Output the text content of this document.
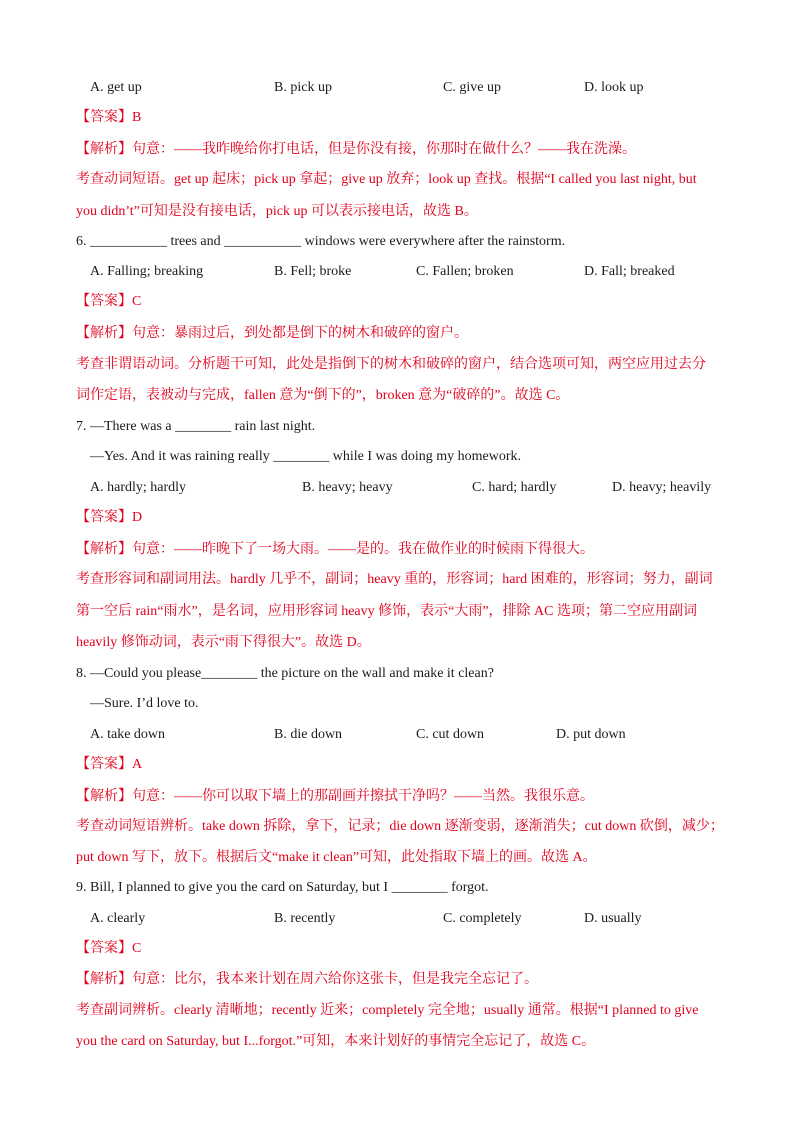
A. get up	B. pick up	C. give up	D. look up
【答案】B
【解析】句意：——我昨晚给你打电话，但是你没有接，你那时在做什么？——我在洗澡。
考查动词短语。get up 起床；pick up 拿起；give up 放弃；look up 查找。根据“I called you last night, but
you didn’t”可知是没有接电话，pick up 可以表示接电话，故选 B。
6. ___________ trees and ___________ windows were everywhere after the rainstorm.
A. Falling; breaking	B. Fell; broke	C. Fallen; broken	D. Fall; breaked
【答案】C
【解析】句意：暴雨过后，到处都是倒下的树木和破碎的窗户。
考查非谓语动词。分析题干可知，此处是指倒下的树木和破碎的窗户，结合选项可知，两空应用过去分
词作定语，表被动与完成，fallen 意为“倒下的”，broken 意为“破碎的”。故选 C。
7. —There was a ________ rain last night.
—Yes. And it was raining really ________ while I was doing my homework.
A. hardly; hardly	B. heavy; heavy	C. hard; hardly	D. heavy; heavily
【答案】D
【解析】句意：——昨晚下了一场大雨。——是的。我在做作业的时候雨下得很大。
考查形容词和副词用法。hardly 几乎不，副词；heavy 重的，形容词；hard 困难的，形容词；努力，副词
第一空后 rain“雨水”，是名词，应用形容词 heavy 修饰，表示“大雨”，排除 AC 选项；第二空应用副词
heavily 修饰动词，表示“雨下得很大”。故选 D。
8. —Could you please________ the picture on the wall and make it clean?
—Sure. I’d love to.
A. take down	B. die down	C. cut down	D. put down
【答案】A
【解析】句意：——你可以取下墙上的那副画并擦拭干净吗？——当然。我很乐意。
考查动词短语辨析。take down 拆除，拿下，记录；die down 逐渐变弱，逐渐消失；cut down 砍倒，减少；
put down 写下，放下。根据后文“make it clean”可知，此处指取下墙上的画。故选 A。
9. Bill, I planned to give you the card on Saturday, but I ________ forgot.
A. clearly	B. recently	C. completely	D. usually
【答案】C
【解析】句意：比尔，我本来计划在周六给你这张卡，但是我完全忘记了。
考查副词辨析。clearly 清晰地；recently 近来；completely 完全地；usually 通常。根据“I planned to give
you the card on Saturday, but I...forgot.”可知，本来计划好的事情完全忘记了，故选 C。
